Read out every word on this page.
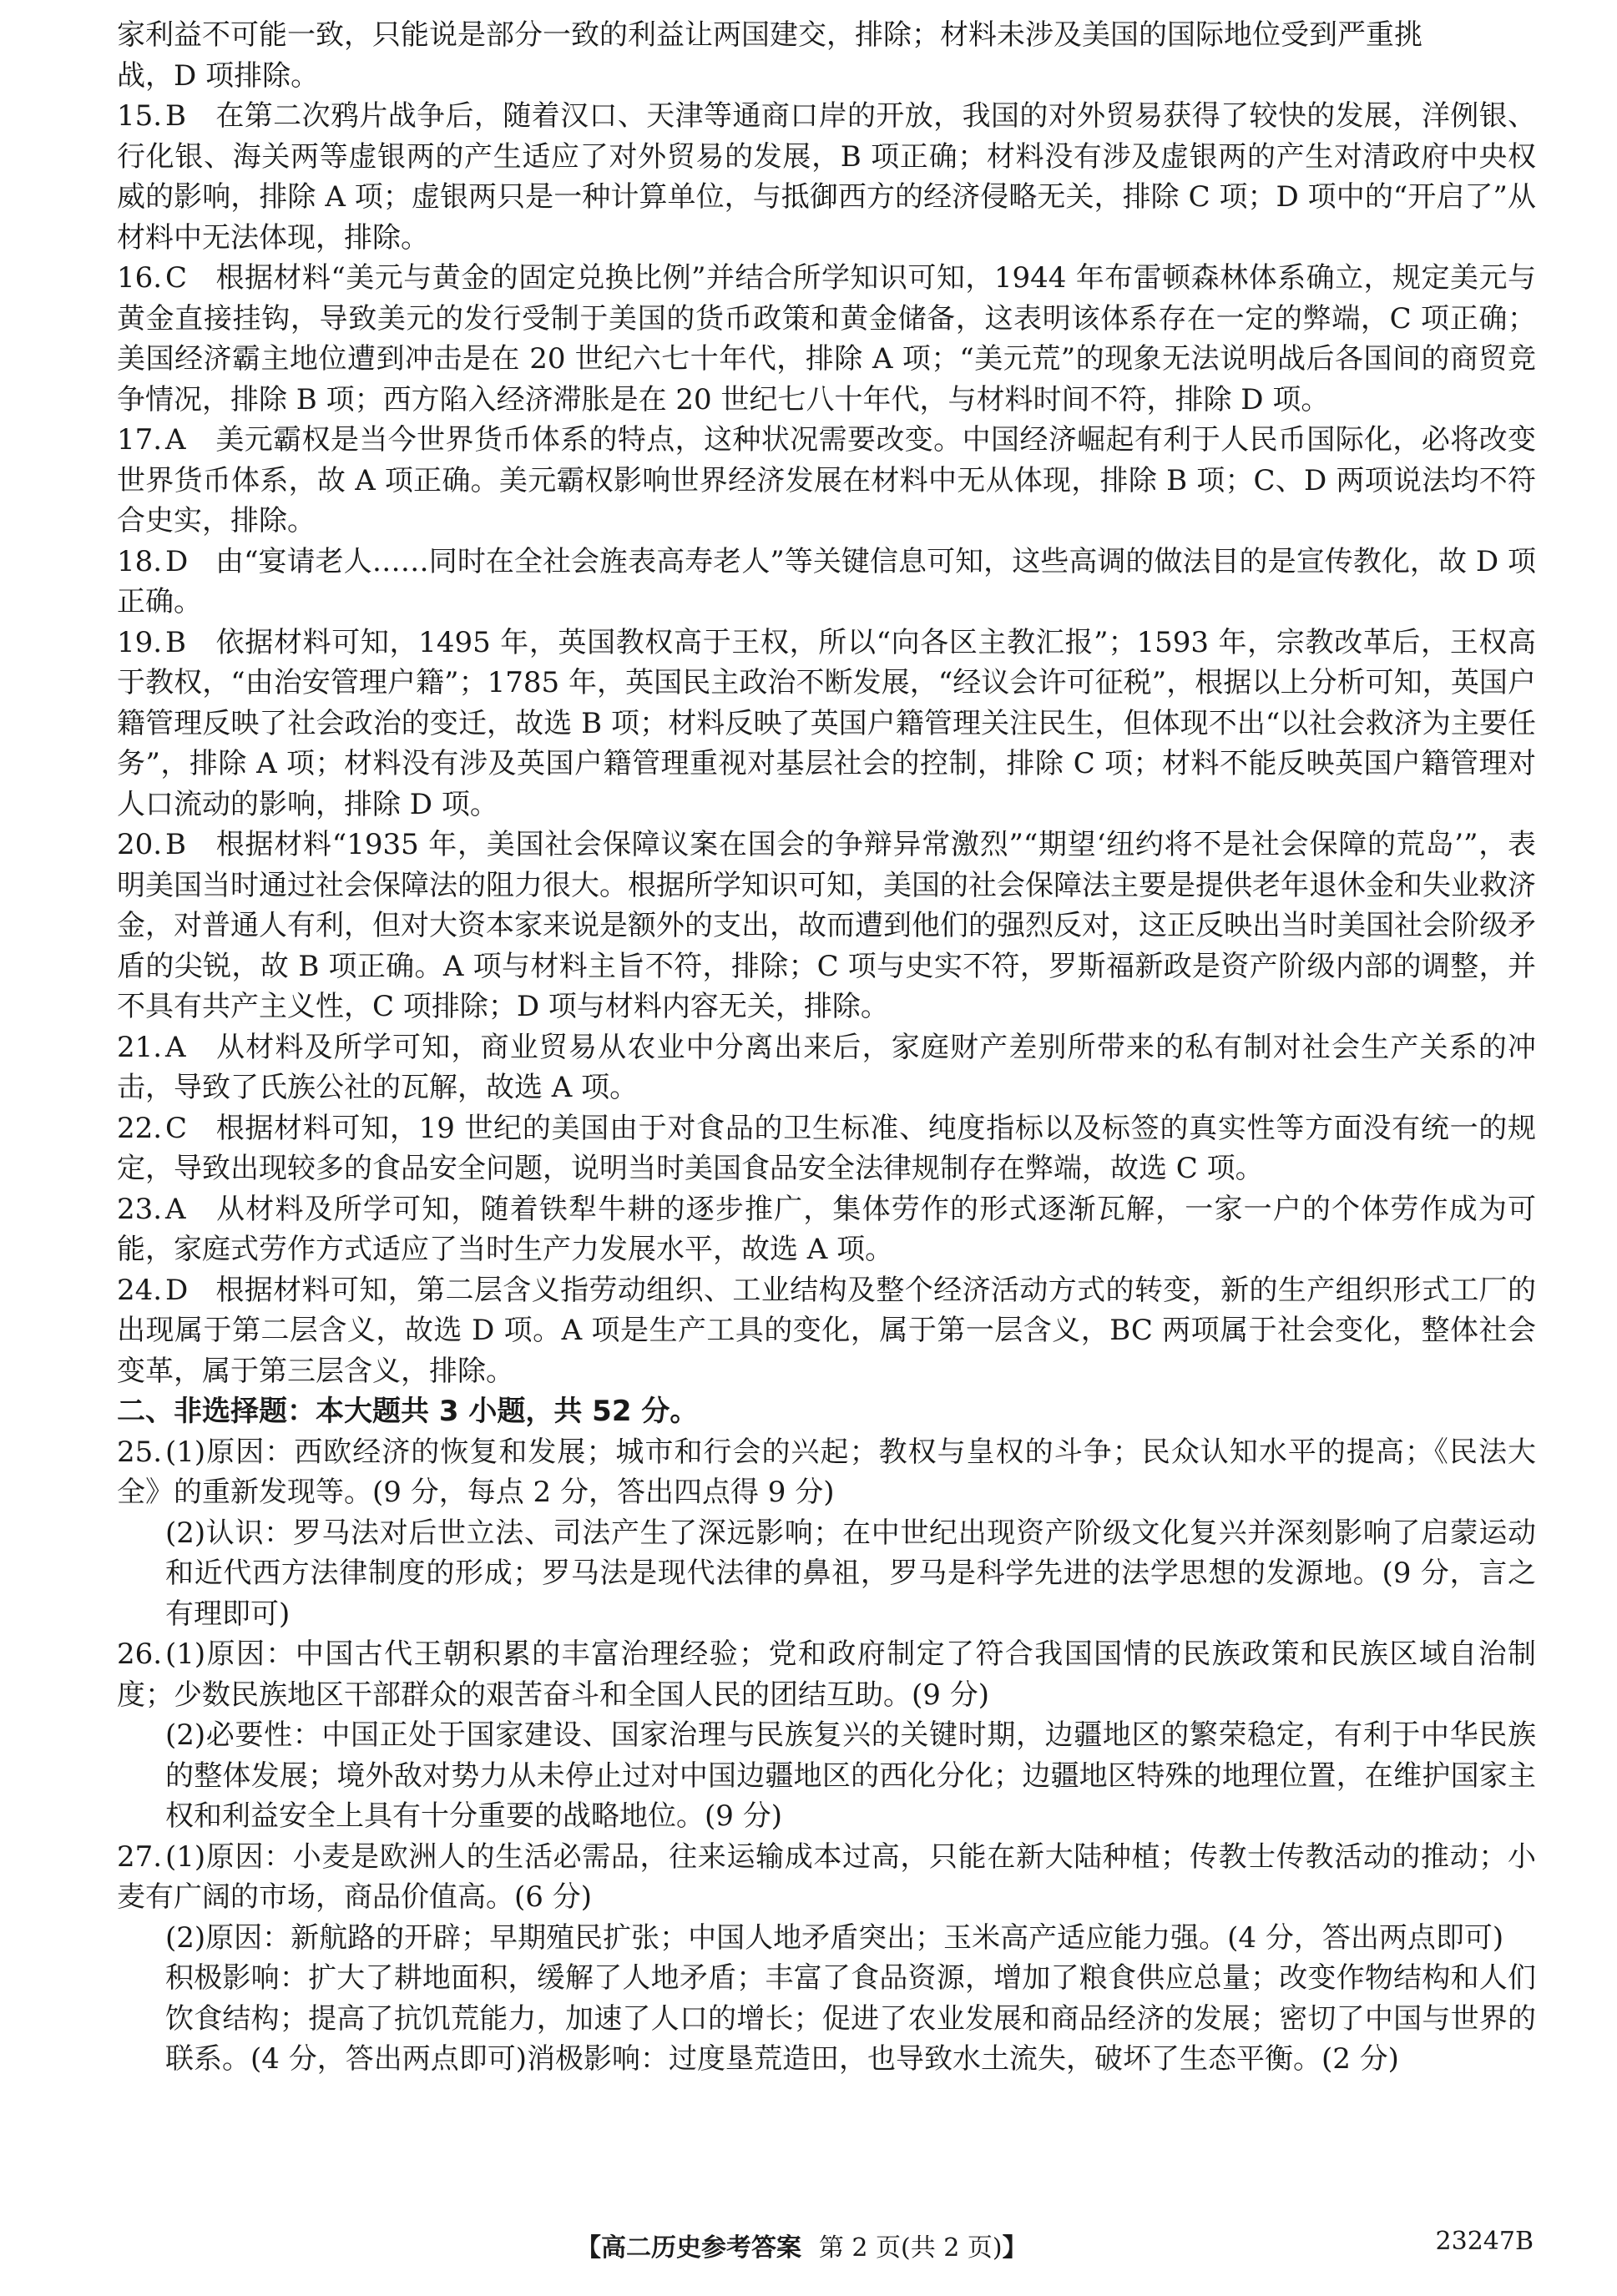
家利益不可能一致，只能说是部分一致的利益让两国建交，排除；材料未涉及美国的国际地位受到严重挑

战，D 项排除。

15. B 在第二次鸦片战争后，随着汉口、天津等通商口岸的开放，我国的对外贸易获得了较快的发展，洋例银、行化银、海关两等虚银两的产生适应了对外贸易的发展，B 项正确；材料没有涉及虚银两的产生对清政府中央权威的影响，排除 A 项；虚银两只是一种计算单位，与抵御西方的经济侵略无关，排除 C 项；D 项中的“开启了”从材料中无法体现，排除。

16. C 根据材料“美元与黄金的固定兑换比例”并结合所学知识可知，1944 年布雷顿森林体系确立，规定美元与黄金直接挂钩，导致美元的发行受制于美国的货币政策和黄金储备，这表明该体系存在一定的弊端，C 项正确；美国经济霸主地位遭到冲击是在 20 世纪六七十年代，排除 A 项；“美元荒”的现象无法说明战后各国间的商贸竞争情况，排除 B 项；西方陷入经济滞胀是在 20 世纪七八十年代，与材料时间不符，排除 D 项。

17. A 美元霸权是当今世界货币体系的特点，这种状况需要改变。中国经济崛起有利于人民币国际化，必将改变世界货币体系，故 A 项正确。美元霸权影响世界经济发展在材料中无从体现，排除 B 项；C、D 两项说法均不符合史实，排除。

18. D 由“宴请老人……同时在全社会旌表高寿老人”等关键信息可知，这些高调的做法目的是宣传教化，故 D 项正确。

19. B 依据材料可知，1495 年，英国教权高于王权，所以“向各区主教汇报”；1593 年，宗教改革后，王权高于教权，“由治安管理户籍”；1785 年，英国民主政治不断发展，“经议会许可征税”，根据以上分析可知，英国户籍管理反映了社会政治的变迁，故选 B 项；材料反映了英国户籍管理关注民生，但体现不出“以社会救济为主要任务”，排除 A 项；材料没有涉及英国户籍管理重视对基层社会的控制，排除 C 项；材料不能反映英国户籍管理对人口流动的影响，排除 D 项。

20. B 根据材料“1935 年，美国社会保障议案在国会的争辩异常激烈”“期望‘纽约将不是社会保障的荒岛’”，表明美国当时通过社会保障法的阻力很大。根据所学知识可知，美国的社会保障法主要是提供老年退休金和失业救济金，对普通人有利，但对大资本家来说是额外的支出，故而遭到他们的强烈反对，这正反映出当时美国社会阶级矛盾的尖锐，故 B 项正确。A 项与材料主旨不符，排除；C 项与史实不符，罗斯福新政是资产阶级内部的调整，并不具有共产主义性，C 项排除；D 项与材料内容无关，排除。

21. A 从材料及所学可知，商业贸易从农业中分离出来后，家庭财产差别所带来的私有制对社会生产关系的冲击，导致了氏族公社的瓦解，故选 A 项。

22. C 根据材料可知，19 世纪的美国由于对食品的卫生标准、纯度指标以及标签的真实性等方面没有统一的规定，导致出现较多的食品安全问题，说明当时美国食品安全法律规制存在弊端，故选 C 项。

23. A 从材料及所学可知，随着铁犁牛耕的逐步推广，集体劳作的形式逐渐瓦解，一家一户的个体劳作成为可能，家庭式劳作方式适应了当时生产力发展水平，故选 A 项。

24. D 根据材料可知，第二层含义指劳动组织、工业结构及整个经济活动方式的转变，新的生产组织形式工厂的出现属于第二层含义，故选 D 项。A 项是生产工具的变化，属于第一层含义，BC 两项属于社会变化，整体社会变革，属于第三层含义，排除。

二、非选择题：本大题共 3 小题，共 52 分。

25. (1)原因：西欧经济的恢复和发展；城市和行会的兴起；教权与皇权的斗争；民众认知水平的提高；《民法大全》的重新发现等。(9 分，每点 2 分，答出四点得 9 分)

(2)认识：罗马法对后世立法、司法产生了深远影响；在中世纪出现资产阶级文化复兴并深刻影响了启蒙运动和近代西方法律制度的形成；罗马法是现代法律的鼻祖，罗马是科学先进的法学思想的发源地。(9 分，言之有理即可)

26. (1)原因：中国古代王朝积累的丰富治理经验；党和政府制定了符合我国国情的民族政策和民族区域自治制度；少数民族地区干部群众的艰苦奋斗和全国人民的团结互助。(9 分)

(2)必要性：中国正处于国家建设、国家治理与民族复兴的关键时期，边疆地区的繁荣稳定，有利于中华民族的整体发展；境外敌对势力从未停止过对中国边疆地区的西化分化；边疆地区特殊的地理位置，在维护国家主权和利益安全上具有十分重要的战略地位。(9 分)

27. (1)原因：小麦是欧洲人的生活必需品，往来运输成本过高，只能在新大陆种植；传教士传教活动的推动；小麦有广阔的市场，商品价值高。(6 分)

(2)原因：新航路的开辟；早期殖民扩张；中国人地矛盾突出；玉米高产适应能力强。(4 分，答出两点即可)

积极影响：扩大了耕地面积，缓解了人地矛盾；丰富了食品资源，增加了粮食供应总量；改变作物结构和人们饮食结构；提高了抗饥荒能力，加速了人口的增长；促进了农业发展和商品经济的发展；密切了中国与世界的联系。(4 分，答出两点即可)消极影响：过度垦荒造田，也导致水土流失，破坏了生态平衡。(2 分)

【高二历史参考答案 第 2 页(共 2 页)】	23247B
